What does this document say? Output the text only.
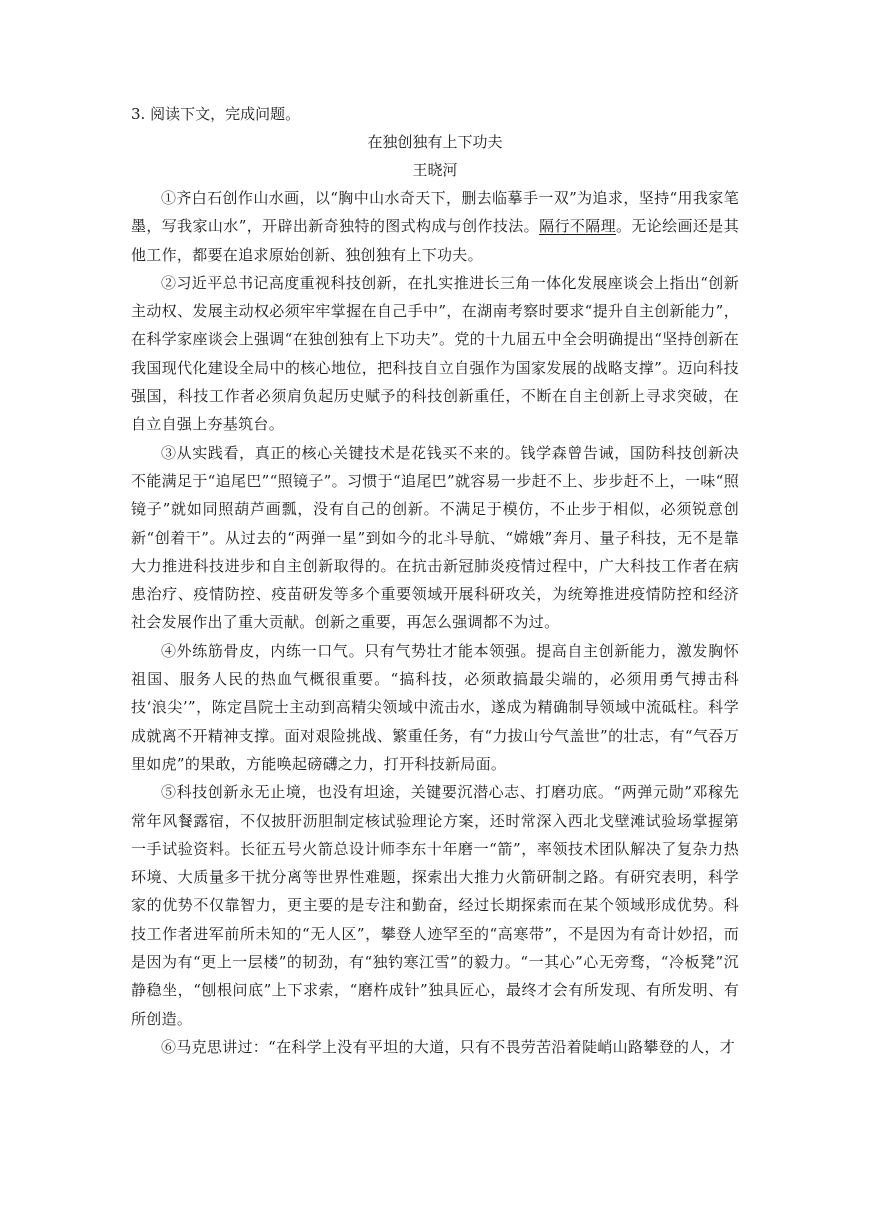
3. 阅读下文，完成问题。

在独创独有上下功夫

王晓河

①齐白石创作山水画，以“胸中山水奇天下，删去临摹手一双”为追求，坚持“用我家笔墨，写我家山水”，开辟出新奇独特的图式构成与创作技法。隔行不隔理。无论绘画还是其他工作，都要在追求原始创新、独创独有上下功夫。

②习近平总书记高度重视科技创新，在扎实推进长三角一体化发展座谈会上指出“创新主动权、发展主动权必须牢牢掌握在自己手中”，在湖南考察时要求“提升自主创新能力”，在科学家座谈会上强调“在独创独有上下功夫”。党的十九届五中全会明确提出“坚持创新在我国现代化建设全局中的核心地位，把科技自立自强作为国家发展的战略支撑”。迈向科技强国，科技工作者必须肩负起历史赋予的科技创新重任，不断在自主创新上寻求突破，在自立自强上夯基筑台。

③从实践看，真正的核心关键技术是花钱买不来的。钱学森曾告诫，国防科技创新决不能满足于“追尾巴”“照镜子”。习惯于“追尾巴”就容易一步赶不上、步步赶不上，一味“照镜子”就如同照葫芦画瓢，没有自己的创新。不满足于模仿，不止步于相似，必须锐意创新“创着干”。从过去的“两弹一星”到如今的北斗导航、“嫦娥”奔月、量子科技，无不是靠大力推进科技进步和自主创新取得的。在抗击新冠肺炎疫情过程中，广大科技工作者在病患治疗、疫情防控、疫苗研发等多个重要领域开展科研攻关，为统筹推进疫情防控和经济社会发展作出了重大贡献。创新之重要，再怎么强调都不为过。

④外练筋骨皮，内练一口气。只有气势壮才能本领强。提高自主创新能力，激发胸怀祖国、服务人民的热血气概很重要。“搞科技，必须敢搞最尖端的，必须用勇气搏击科技‘浪尖’”，陈定昌院士主动到高精尖领域中流击水，遂成为精确制导领域中流砥柱。科学成就离不开精神支撑。面对艰险挑战、繁重任务，有“力拔山兮气盖世”的壮志，有“气吞万里如虎”的果敢，方能唤起磅礴之力，打开科技新局面。

⑤科技创新永无止境，也没有坦途，关键要沉潜心志、打磨功底。“两弹元勋”邓稼先常年风餐露宿，不仅披肝沥胆制定核试验理论方案，还时常深入西北戈壁滩试验场掌握第一手试验资料。长征五号火箭总设计师李东十年磨一“箭”，率领技术团队解决了复杂力热环境、大质量多干扰分离等世界性难题，探索出大推力火箭研制之路。有研究表明，科学家的优势不仅靠智力，更主要的是专注和勤奋，经过长期探索而在某个领域形成优势。科技工作者进军前所未知的“无人区”，攀登人迹罕至的“高寒带”，不是因为有奇计妙招，而是因为有“更上一层楼”的韧劲，有“独钓寒江雪”的毅力。“一其心”心无旁骛，“冷板凳”沉静稳坐，“刨根问底”上下求索，“磨杵成针”独具匠心，最终才会有所发现、有所发明、有所创造。

⑥马克思讲过：“在科学上没有平坦的大道，只有不畏劳苦沿着陡峭山路攀登的人，才
